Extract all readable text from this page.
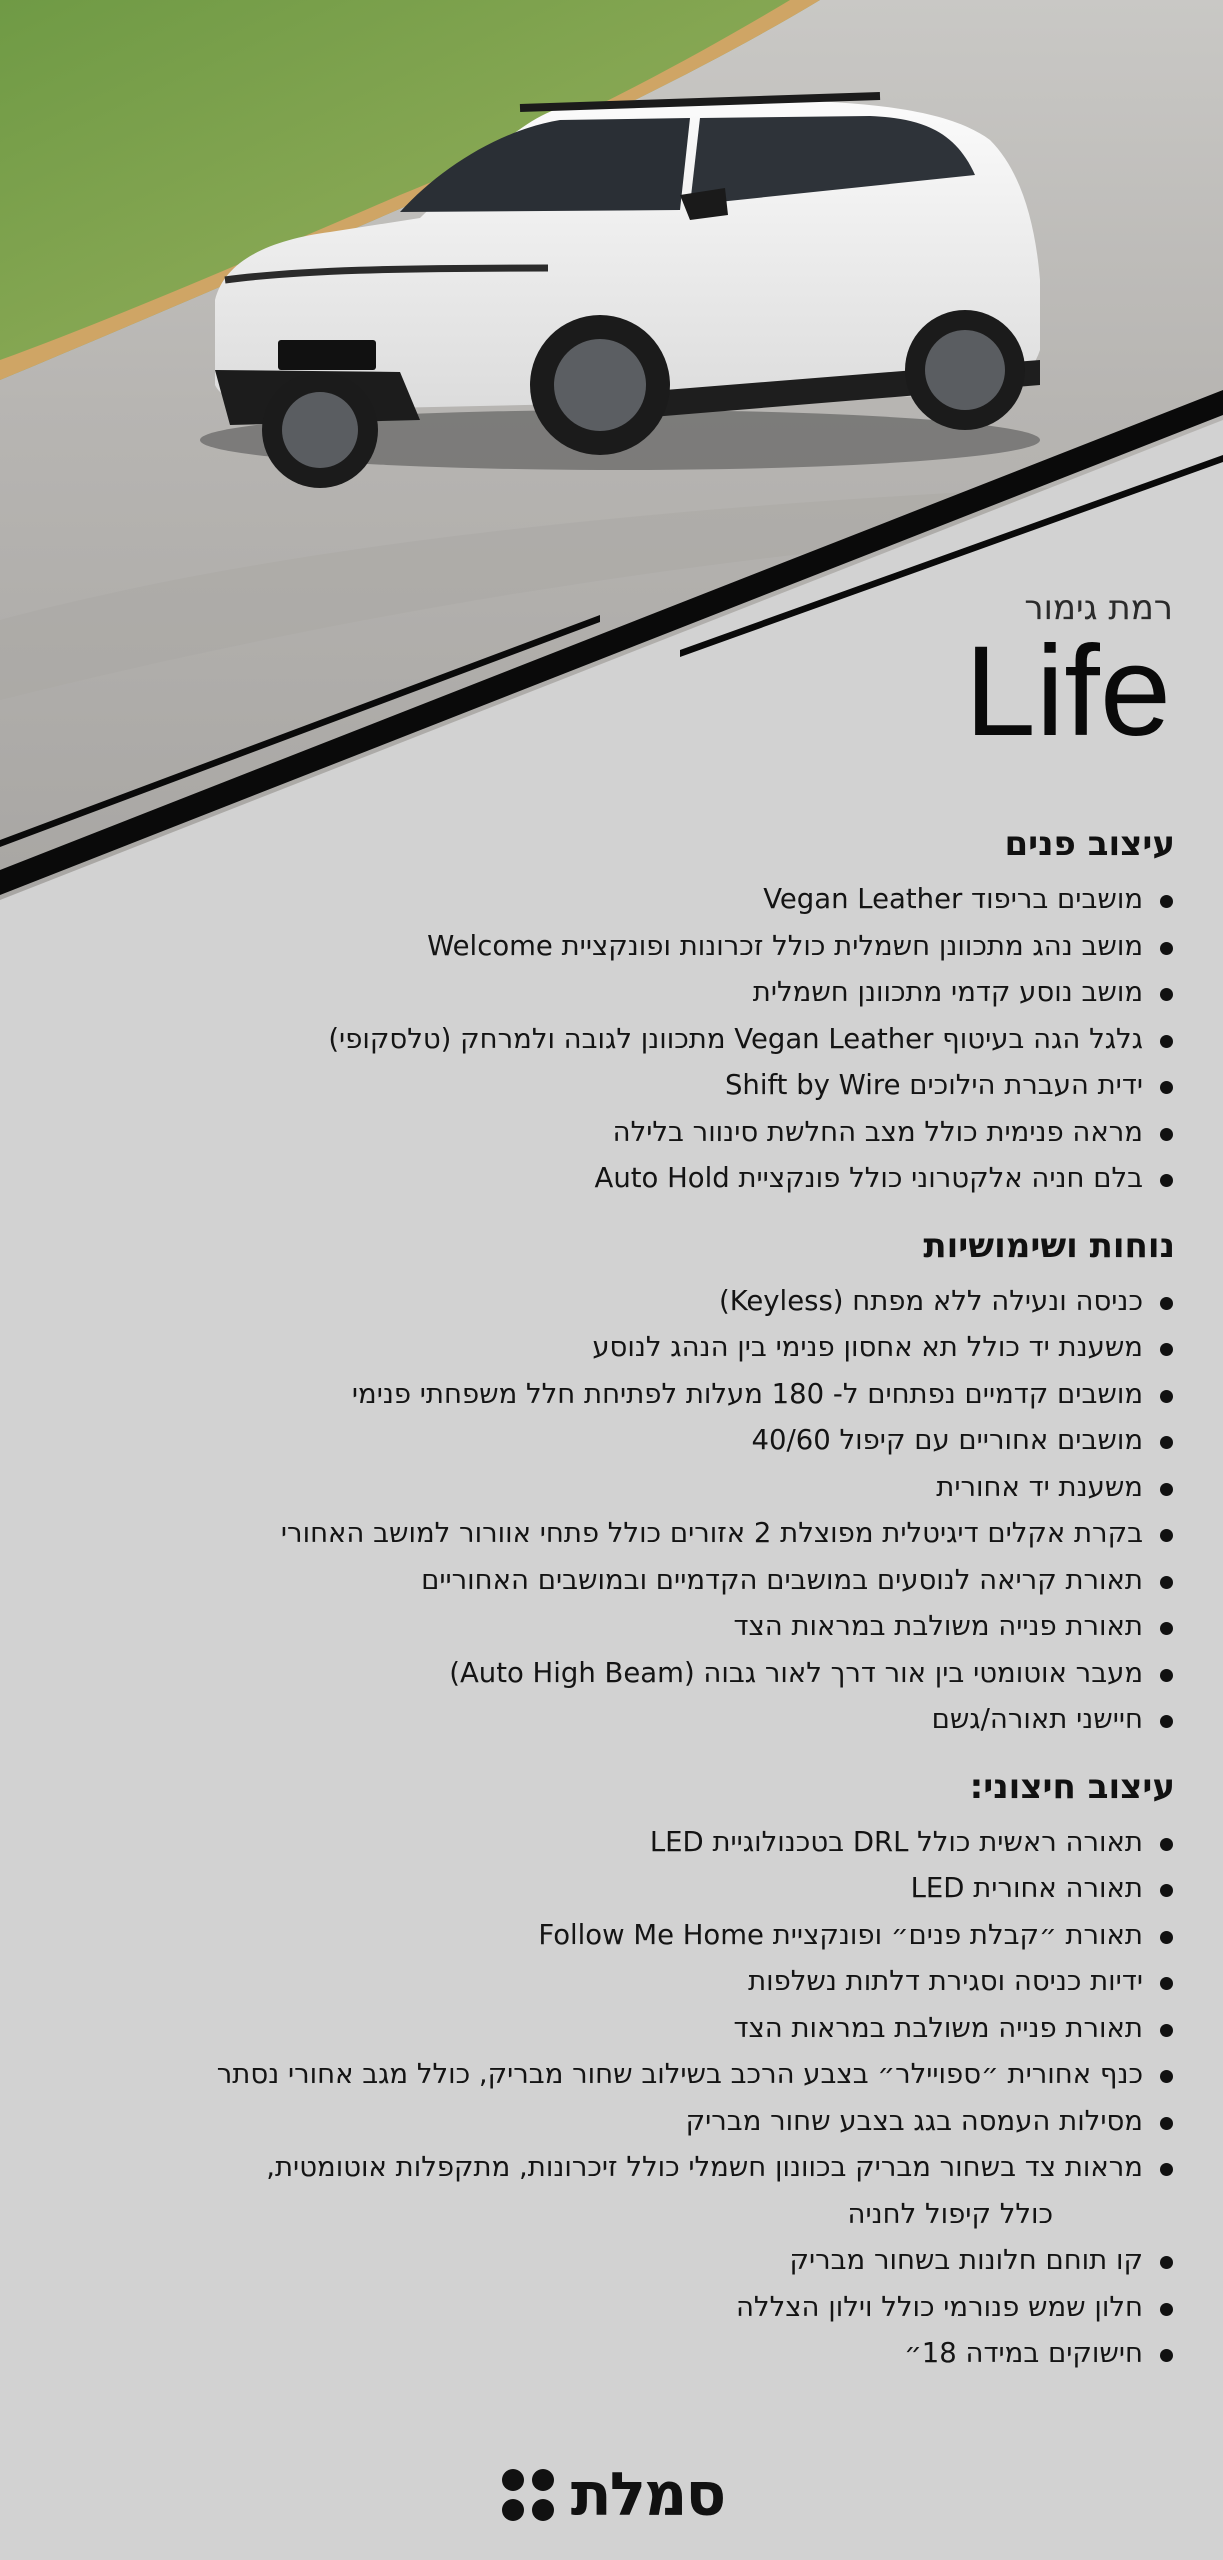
רמת גימור
Life
עיצוב פנים
מושבים בריפוד Vegan Leather
מושב נהג מתכוונן חשמלית כולל זכרונות ופונקציית Welcome
מושב נוסע קדמי מתכוונן חשמלית
גלגל הגה בעיטוף Vegan Leather מתכוונן לגובה ולמרחק (טלסקופי)
ידית העברת הילוכים Shift by Wire
מראה פנימית כולל מצב החלשת סינוור בלילה
בלם חניה אלקטרוני כולל פונקציית Auto Hold
נוחות ושימושיות
כניסה ונעילה ללא מפתח (Keyless)
משענת יד כולל תא אחסון פנימי בין הנהג לנוסע
מושבים קדמיים נפתחים ל- 180 מעלות לפתיחת חלל משפחתי פנימי
מושבים אחוריים עם קיפול 40/60
משענת יד אחורית
בקרת אקלים דיגיטלית מפוצלת 2 אזורים כולל פתחי אוורור למושב האחורי
תאורת קריאה לנוסעים במושבים הקדמיים ובמושבים האחוריים
תאורת פנייה משולבת במראות הצד
מעבר אוטומטי בין אור דרך לאור גבוה (Auto High Beam)
חיישני תאורה/גשם
עיצוב חיצוני:
תאורה ראשית כולל DRL בטכנולוגיית LED
תאורה אחורית LED
תאורת ״קבלת פנים״ ופונקציית Follow Me Home
ידיות כניסה וסגירת דלתות נשלפות
תאורת פנייה משולבת במראות הצד
כנף אחורית ״ספויילר״ בצבע הרכב בשילוב שחור מבריק, כולל מגב אחורי נסתר
מסילות העמסה בגג בצבע שחור מבריק
מראות צד בשחור מבריק בכוונון חשמלי כולל זיכרונות, מתקפלות אוטומטית,
כולל קיפול לחניה
קו תוחם חלונות בשחור מבריק
חלון שמש פנורמי כולל וילון הצללה
חישוקים במידה 18״
סמלת
